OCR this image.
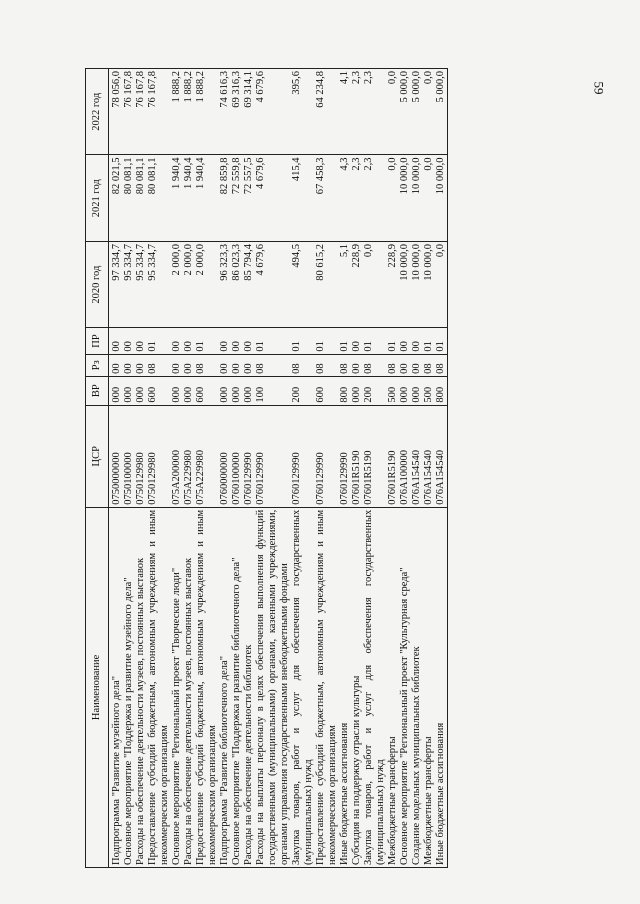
59
Наименование	ЦСР	ВР	Рз	ПР	2020 год	2021 год	2022 год
Подпрограмма "Развитие музейного дела"	0750000000	000	00	00	97 334,7	82 021,5	78 056,0
Основное мероприятие "Поддержка и развитие музейного дела"	0750100000	000	00	00	95 334,7	80 081,1	76 167,8
Расходы на обеспечение деятельности музеев, постоянных выставок	0750129980	000	00	00	95 334,7	80 081,1	76 167,8
Предоставление субсидий бюджетным, автономным учреждениям и иным некоммерческим организациям	0750129980	600	08	01	95 334,7	80 081,1	76 167,8
Основное мероприятие "Региональный проект "Творческие люди"	075A200000	000	00	00	2 000,0	1 940,4	1 888,2
Расходы на обеспечение деятельности музеев, постоянных выставок	075A229980	000	00	00	2 000,0	1 940,4	1 888,2
Предоставление субсидий бюджетным, автономным учреждениям и иным некоммерческим организациям	075A229980	600	08	01	2 000,0	1 940,4	1 888,2
Подпрограмма "Развитие библиотечного дела"	0760000000	000	00	00	96 323,3	82 859,8	74 616,3
Основное мероприятие "Поддержка и развитие библиотечного дела"	0760100000	000	00	00	86 023,3	72 559,8	69 316,3
Расходы на обеспечение деятельности библиотек	0760129990	000	00	00	85 794,4	72 557,5	69 314,1
Расходы на выплаты персоналу в целях обеспечения выполнения функций государственными (муниципальными) органами, казенными учреждениями, органами управления государственными внебюджетными фондами	0760129990	100	08	01	4 679,6	4 679,6	4 679,6
Закупка товаров, работ и услуг для обеспечения государственных (муниципальных) нужд	0760129990	200	08	01	494,5	415,4	395,6
Предоставление субсидий бюджетным, автономным учреждениям и иным некоммерческим организациям	0760129990	600	08	01	80 615,2	67 458,3	64 234,8
Иные бюджетные ассигнования	0760129990	800	08	01	5,1	4,3	4,1
Субсидия на поддержку отрасли культуры	07601R5190	000	00	00	228,9	2,3	2,3
Закупка товаров, работ и услуг для обеспечения государственных (муниципальных) нужд	07601R5190	200	08	01	0,0	2,3	2,3
Межбюджетные трансферты	07601R5190	500	08	01	228,9	0,0	0,0
Основное мероприятие "Региональный проект "Культурная среда"	076A100000	000	00	00	10 000,0	10 000,0	5 000,0
Создание модельных муниципальных библиотек	076A154540	000	00	00	10 000,0	10 000,0	5 000,0
Межбюджетные трансферты	076A154540	500	08	01	10 000,0	0,0	0,0
Иные бюджетные ассигнования	076A154540	800	08	01	0,0	10 000,0	5 000,0
